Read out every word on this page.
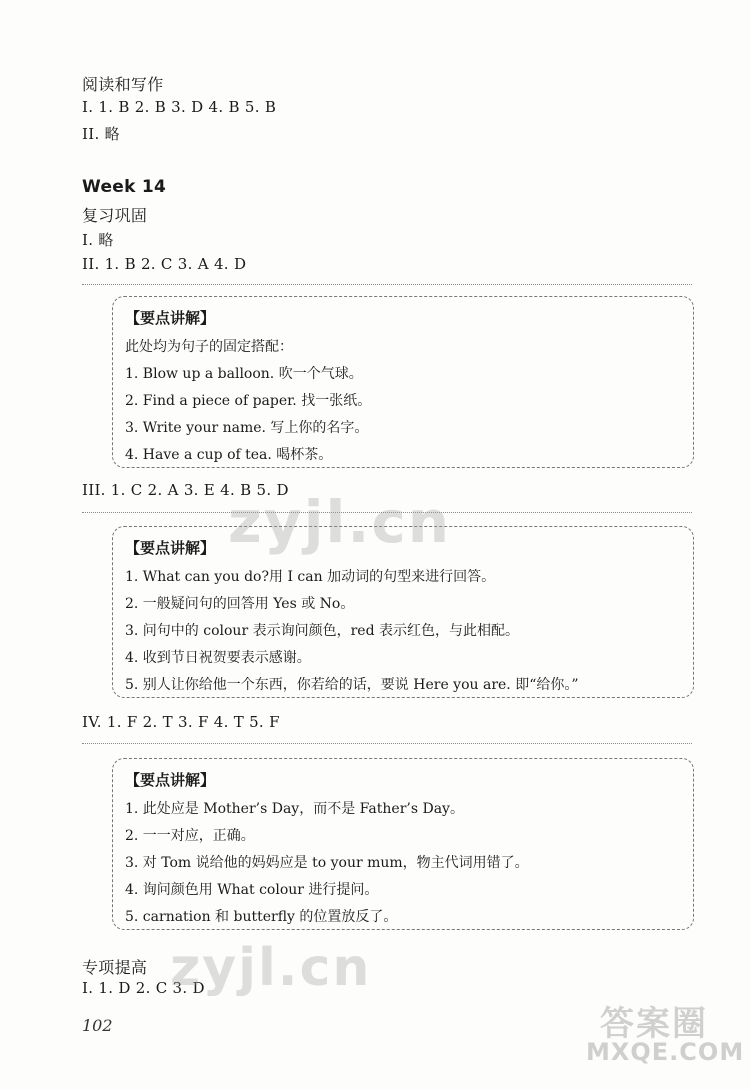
阅读和写作
I. 1. B 2. B 3. D 4. B 5. B
II. 略
Week 14
复习巩固
I. 略
II. 1. B 2. C 3. A 4. D
【要点讲解】
此处均为句子的固定搭配：
1. Blow up a balloon. 吹一个气球。
2. Find a piece of paper. 找一张纸。
3. Write your name. 写上你的名字。
4. Have a cup of tea. 喝杯茶。
III. 1. C 2. A 3. E 4. B 5. D
【要点讲解】
1. What can you do?用 I can 加动词的句型来进行回答。
2. 一般疑问句的回答用 Yes 或 No。
3. 问句中的 colour 表示询问颜色，red 表示红色，与此相配。
4. 收到节日祝贺要表示感谢。
5. 别人让你给他一个东西，你若给的话，要说 Here you are. 即“给你。”
IV. 1. F 2. T 3. F 4. T 5. F
【要点讲解】
1. 此处应是 Mother’s Day，而不是 Father’s Day。
2. 一一对应，正确。
3. 对 Tom 说给他的妈妈应是 to your mum，物主代词用错了。
4. 询问颜色用 What colour 进行提问。
5. carnation 和 butterfly 的位置放反了。
专项提高
I. 1. D 2. C 3. D
102
zyjl.cn
zyjl.cn
答案圈
MXQE.COM
